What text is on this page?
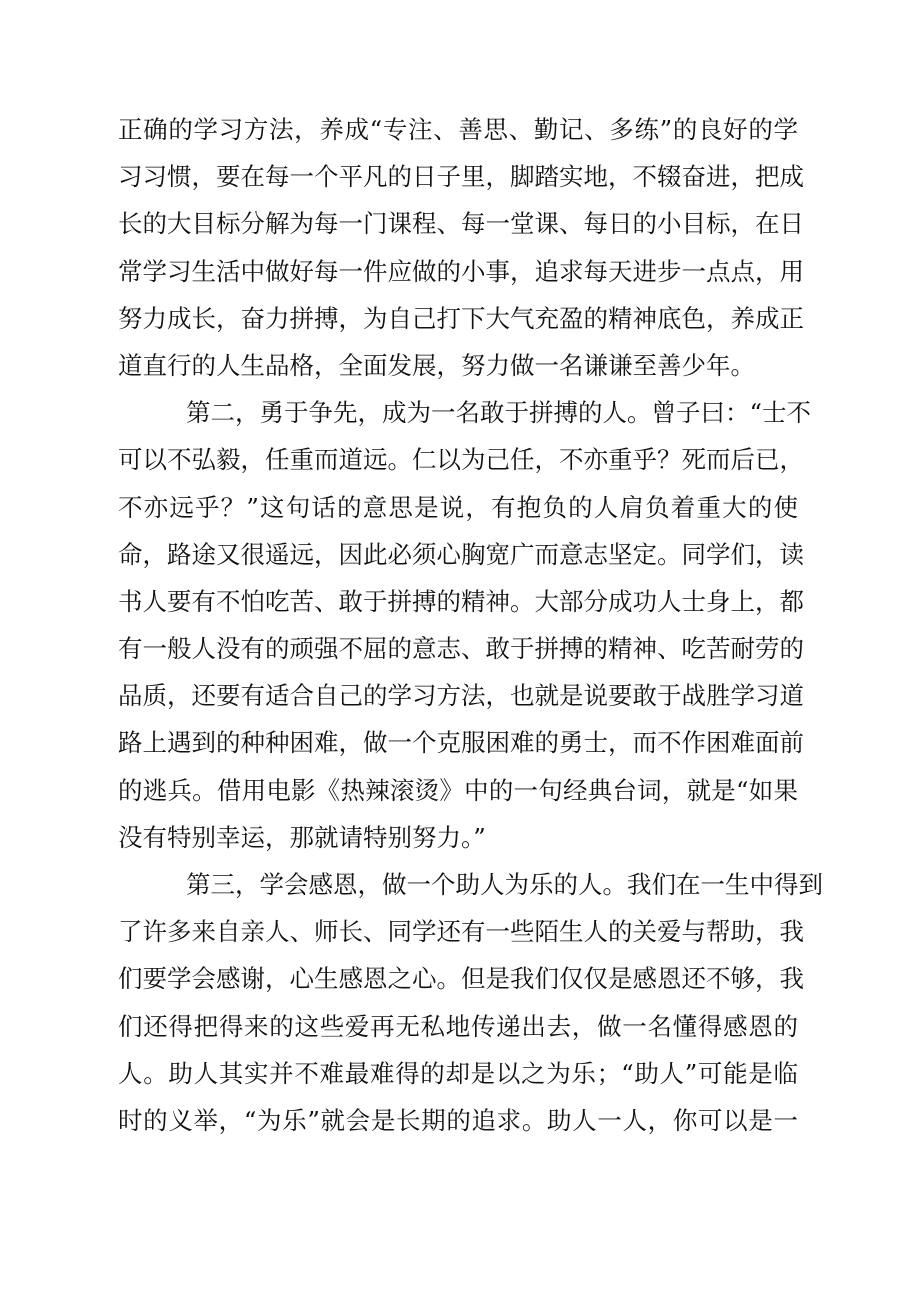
正确的学习方法，养成“专注、善思、勤记、多练”的良好的学
习习惯，要在每一个平凡的日子里，脚踏实地，不辍奋进，把成
长的大目标分解为每一门课程、每一堂课、每日的小目标，在日
常学习生活中做好每一件应做的小事，追求每天进步一点点，用
努力成长，奋力拼搏，为自己打下大气充盈的精神底色，养成正
道直行的人生品格，全面发展，努力做一名谦谦至善少年。
第二，勇于争先，成为一名敢于拼搏的人。曾子曰：“士不
可以不弘毅，任重而道远。仁以为己任，不亦重乎？死而后已，
不亦远乎？”这句话的意思是说，有抱负的人肩负着重大的使
命，路途又很遥远，因此必须心胸宽广而意志坚定。同学们，读
书人要有不怕吃苦、敢于拼搏的精神。大部分成功人士身上，都
有一般人没有的顽强不屈的意志、敢于拼搏的精神、吃苦耐劳的
品质，还要有适合自己的学习方法，也就是说要敢于战胜学习道
路上遇到的种种困难，做一个克服困难的勇士，而不作困难面前
的逃兵。借用电影《热辣滚烫》中的一句经典台词，就是“如果
没有特别幸运，那就请特别努力。”
第三，学会感恩，做一个助人为乐的人。我们在一生中得到
了许多来自亲人、师长、同学还有一些陌生人的关爱与帮助，我
们要学会感谢，心生感恩之心。但是我们仅仅是感恩还不够，我
们还得把得来的这些爱再无私地传递出去，做一名懂得感恩的
人。助人其实并不难最难得的却是以之为乐；“助人”可能是临
时的义举，“为乐”就会是长期的追求。助人一人，你可以是一
